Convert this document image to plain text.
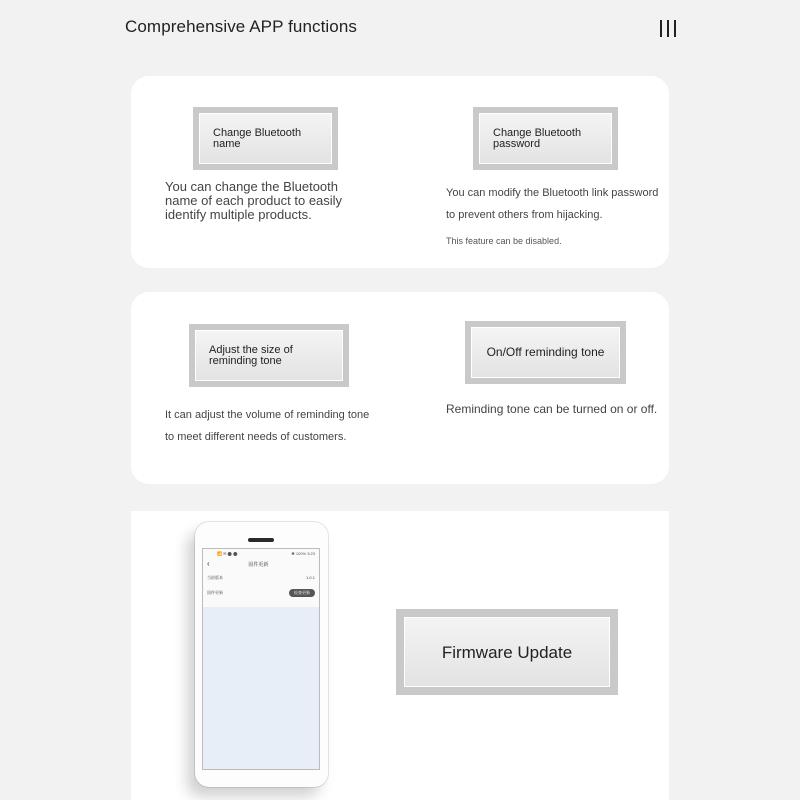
Comprehensive APP functions
Change Bluetooth name
You can change the Bluetooth name of each product to easily identify multiple products.
Change Bluetooth password
You can modify the Bluetooth link password to prevent others from hijacking.
This feature can be disabled.
Adjust the size of reminding tone
It can adjust the volume of reminding tone to meet different needs of customers.
On/Off reminding tone
Reminding tone can be turned on or off.
📶 ✉ ⬤ ⬤	✱ 100% 3:23
‹	固件更新
当前版本	1.0.1
固件更新	检查更新
Firmware Update
